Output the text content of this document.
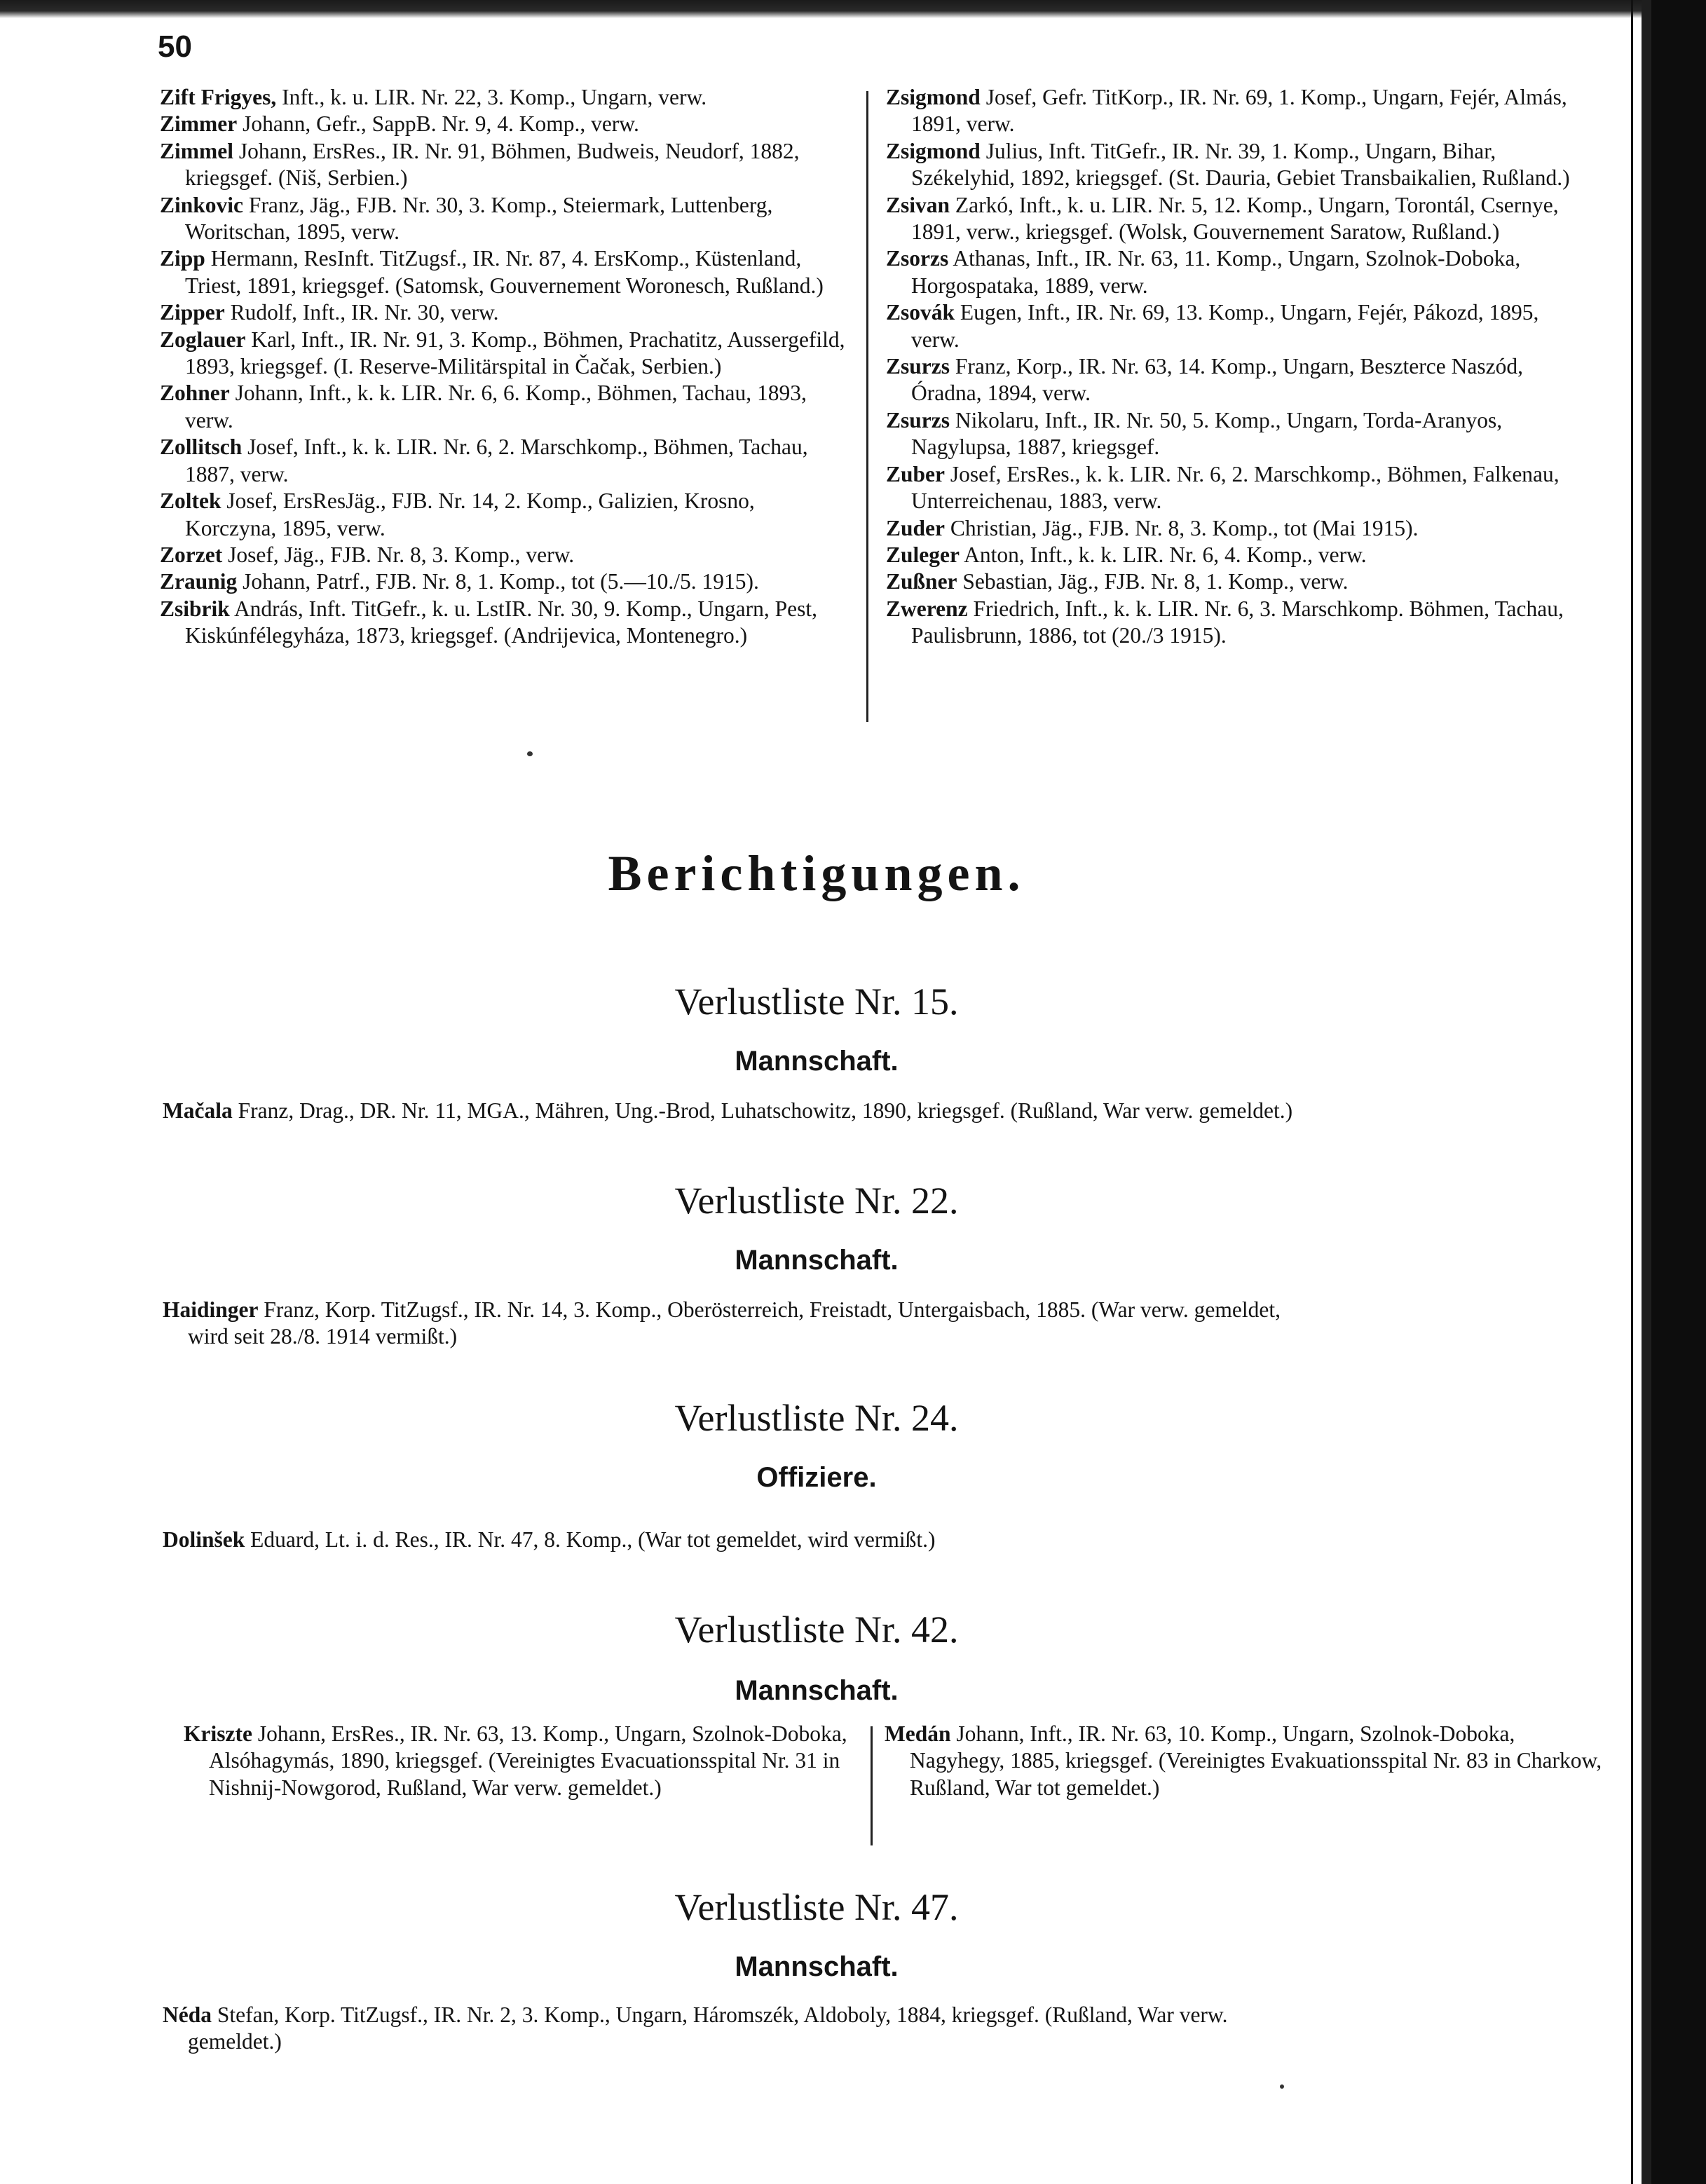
50

Zift Frigyes, Inft., k. u. LIR. Nr. 22, 3. Komp., Ungarn, verw.

Zimmer Johann, Gefr., SappB. Nr. 9, 4. Komp., verw.

Zimmel Johann, ErsRes., IR. Nr. 91, Böhmen, Budweis, Neudorf, 1882, kriegsgef. (Niš, Serbien.)

Zinkovic Franz, Jäg., FJB. Nr. 30, 3. Komp., Steiermark, Luttenberg, Woritschan, 1895, verw.

Zipp Hermann, ResInft. TitZugsf., IR. Nr. 87, 4. ErsKomp., Küstenland, Triest, 1891, kriegsgef. (Satomsk, Gouvernement Woronesch, Rußland.)

Zipper Rudolf, Inft., IR. Nr. 30, verw.

Zoglauer Karl, Inft., IR. Nr. 91, 3. Komp., Böhmen, Prachatitz, Aussergefild, 1893, kriegsgef. (I. Reserve-Militärspital in Čačak, Serbien.)

Zohner Johann, Inft., k. k. LIR. Nr. 6, 6. Komp., Böhmen, Tachau, 1893, verw.

Zollitsch Josef, Inft., k. k. LIR. Nr. 6, 2. Marschkomp., Böhmen, Tachau, 1887, verw.

Zoltek Josef, ErsResJäg., FJB. Nr. 14, 2. Komp., Galizien, Krosno, Korczyna, 1895, verw.

Zorzet Josef, Jäg., FJB. Nr. 8, 3. Komp., verw.

Zraunig Johann, Patrf., FJB. Nr. 8, 1. Komp., tot (5.—10./5. 1915).

Zsibrik András, Inft. TitGefr., k. u. LstIR. Nr. 30, 9. Komp., Ungarn, Pest, Kiskúnfélegyháza, 1873, kriegsgef. (Andrijevica, Montenegro.)

Zsigmond Josef, Gefr. TitKorp., IR. Nr. 69, 1. Komp., Ungarn, Fejér, Almás, 1891, verw.

Zsigmond Julius, Inft. TitGefr., IR. Nr. 39, 1. Komp., Ungarn, Bihar, Székelyhid, 1892, kriegsgef. (St. Dauria, Gebiet Transbaikalien, Rußland.)

Zsivan Zarkó, Inft., k. u. LIR. Nr. 5, 12. Komp., Ungarn, Torontál, Csernye, 1891, verw., kriegsgef. (Wolsk, Gouvernement Saratow, Rußland.)

Zsorzs Athanas, Inft., IR. Nr. 63, 11. Komp., Ungarn, Szolnok-Doboka, Horgospataka, 1889, verw.

Zsovák Eugen, Inft., IR. Nr. 69, 13. Komp., Ungarn, Fejér, Pákozd, 1895, verw.

Zsurzs Franz, Korp., IR. Nr. 63, 14. Komp., Ungarn, Beszterce Naszód, Óradna, 1894, verw.

Zsurzs Nikolaru, Inft., IR. Nr. 50, 5. Komp., Ungarn, Torda-Aranyos, Nagylupsa, 1887, kriegsgef.

Zuber Josef, ErsRes., k. k. LIR. Nr. 6, 2. Marschkomp., Böhmen, Falkenau, Unterreichenau, 1883, verw.

Zuder Christian, Jäg., FJB. Nr. 8, 3. Komp., tot (Mai 1915).

Zuleger Anton, Inft., k. k. LIR. Nr. 6, 4. Komp., verw.

Zußner Sebastian, Jäg., FJB. Nr. 8, 1. Komp., verw.

Zwerenz Friedrich, Inft., k. k. LIR. Nr. 6, 3. Marschkomp. Böhmen, Tachau, Paulisbrunn, 1886, tot (20./3 1915).

Berichtigungen.
Verlustliste Nr. 15.
Mannschaft.

Mačala Franz, Drag., DR. Nr. 11, MGA., Mähren, Ung.-Brod, Luhatschowitz, 1890, kriegsgef. (Rußland, War verw. gemeldet.)

Verlustliste Nr. 22.
Mannschaft.

Haidinger Franz, Korp. TitZugsf., IR. Nr. 14, 3. Komp., Oberösterreich, Freistadt, Untergaisbach, 1885. (War verw. gemeldet,
wird seit 28./8. 1914 vermißt.)

Verlustliste Nr. 24.
Offiziere.

Dolinšek Eduard, Lt. i. d. Res., IR. Nr. 47, 8. Komp., (War tot gemeldet, wird vermißt.)

Verlustliste Nr. 42.
Mannschaft.

Kriszte Johann, ErsRes., IR. Nr. 63, 13. Komp., Ungarn, Szolnok-Doboka, Alsóhagymás, 1890, kriegsgef. (Vereinigtes Evacuationsspital Nr. 31 in Nishnij-Nowgorod, Rußland, War verw. gemeldet.)

Medán Johann, Inft., IR. Nr. 63, 10. Komp., Ungarn, Szolnok-Doboka, Nagyhegy, 1885, kriegsgef. (Vereinigtes Evakuationsspital Nr. 83 in Charkow, Rußland, War tot gemeldet.)

Verlustliste Nr. 47.
Mannschaft.

Néda Stefan, Korp. TitZugsf., IR. Nr. 2, 3. Komp., Ungarn, Háromszék, Aldoboly, 1884, kriegsgef. (Rußland, War verw.
gemeldet.)
